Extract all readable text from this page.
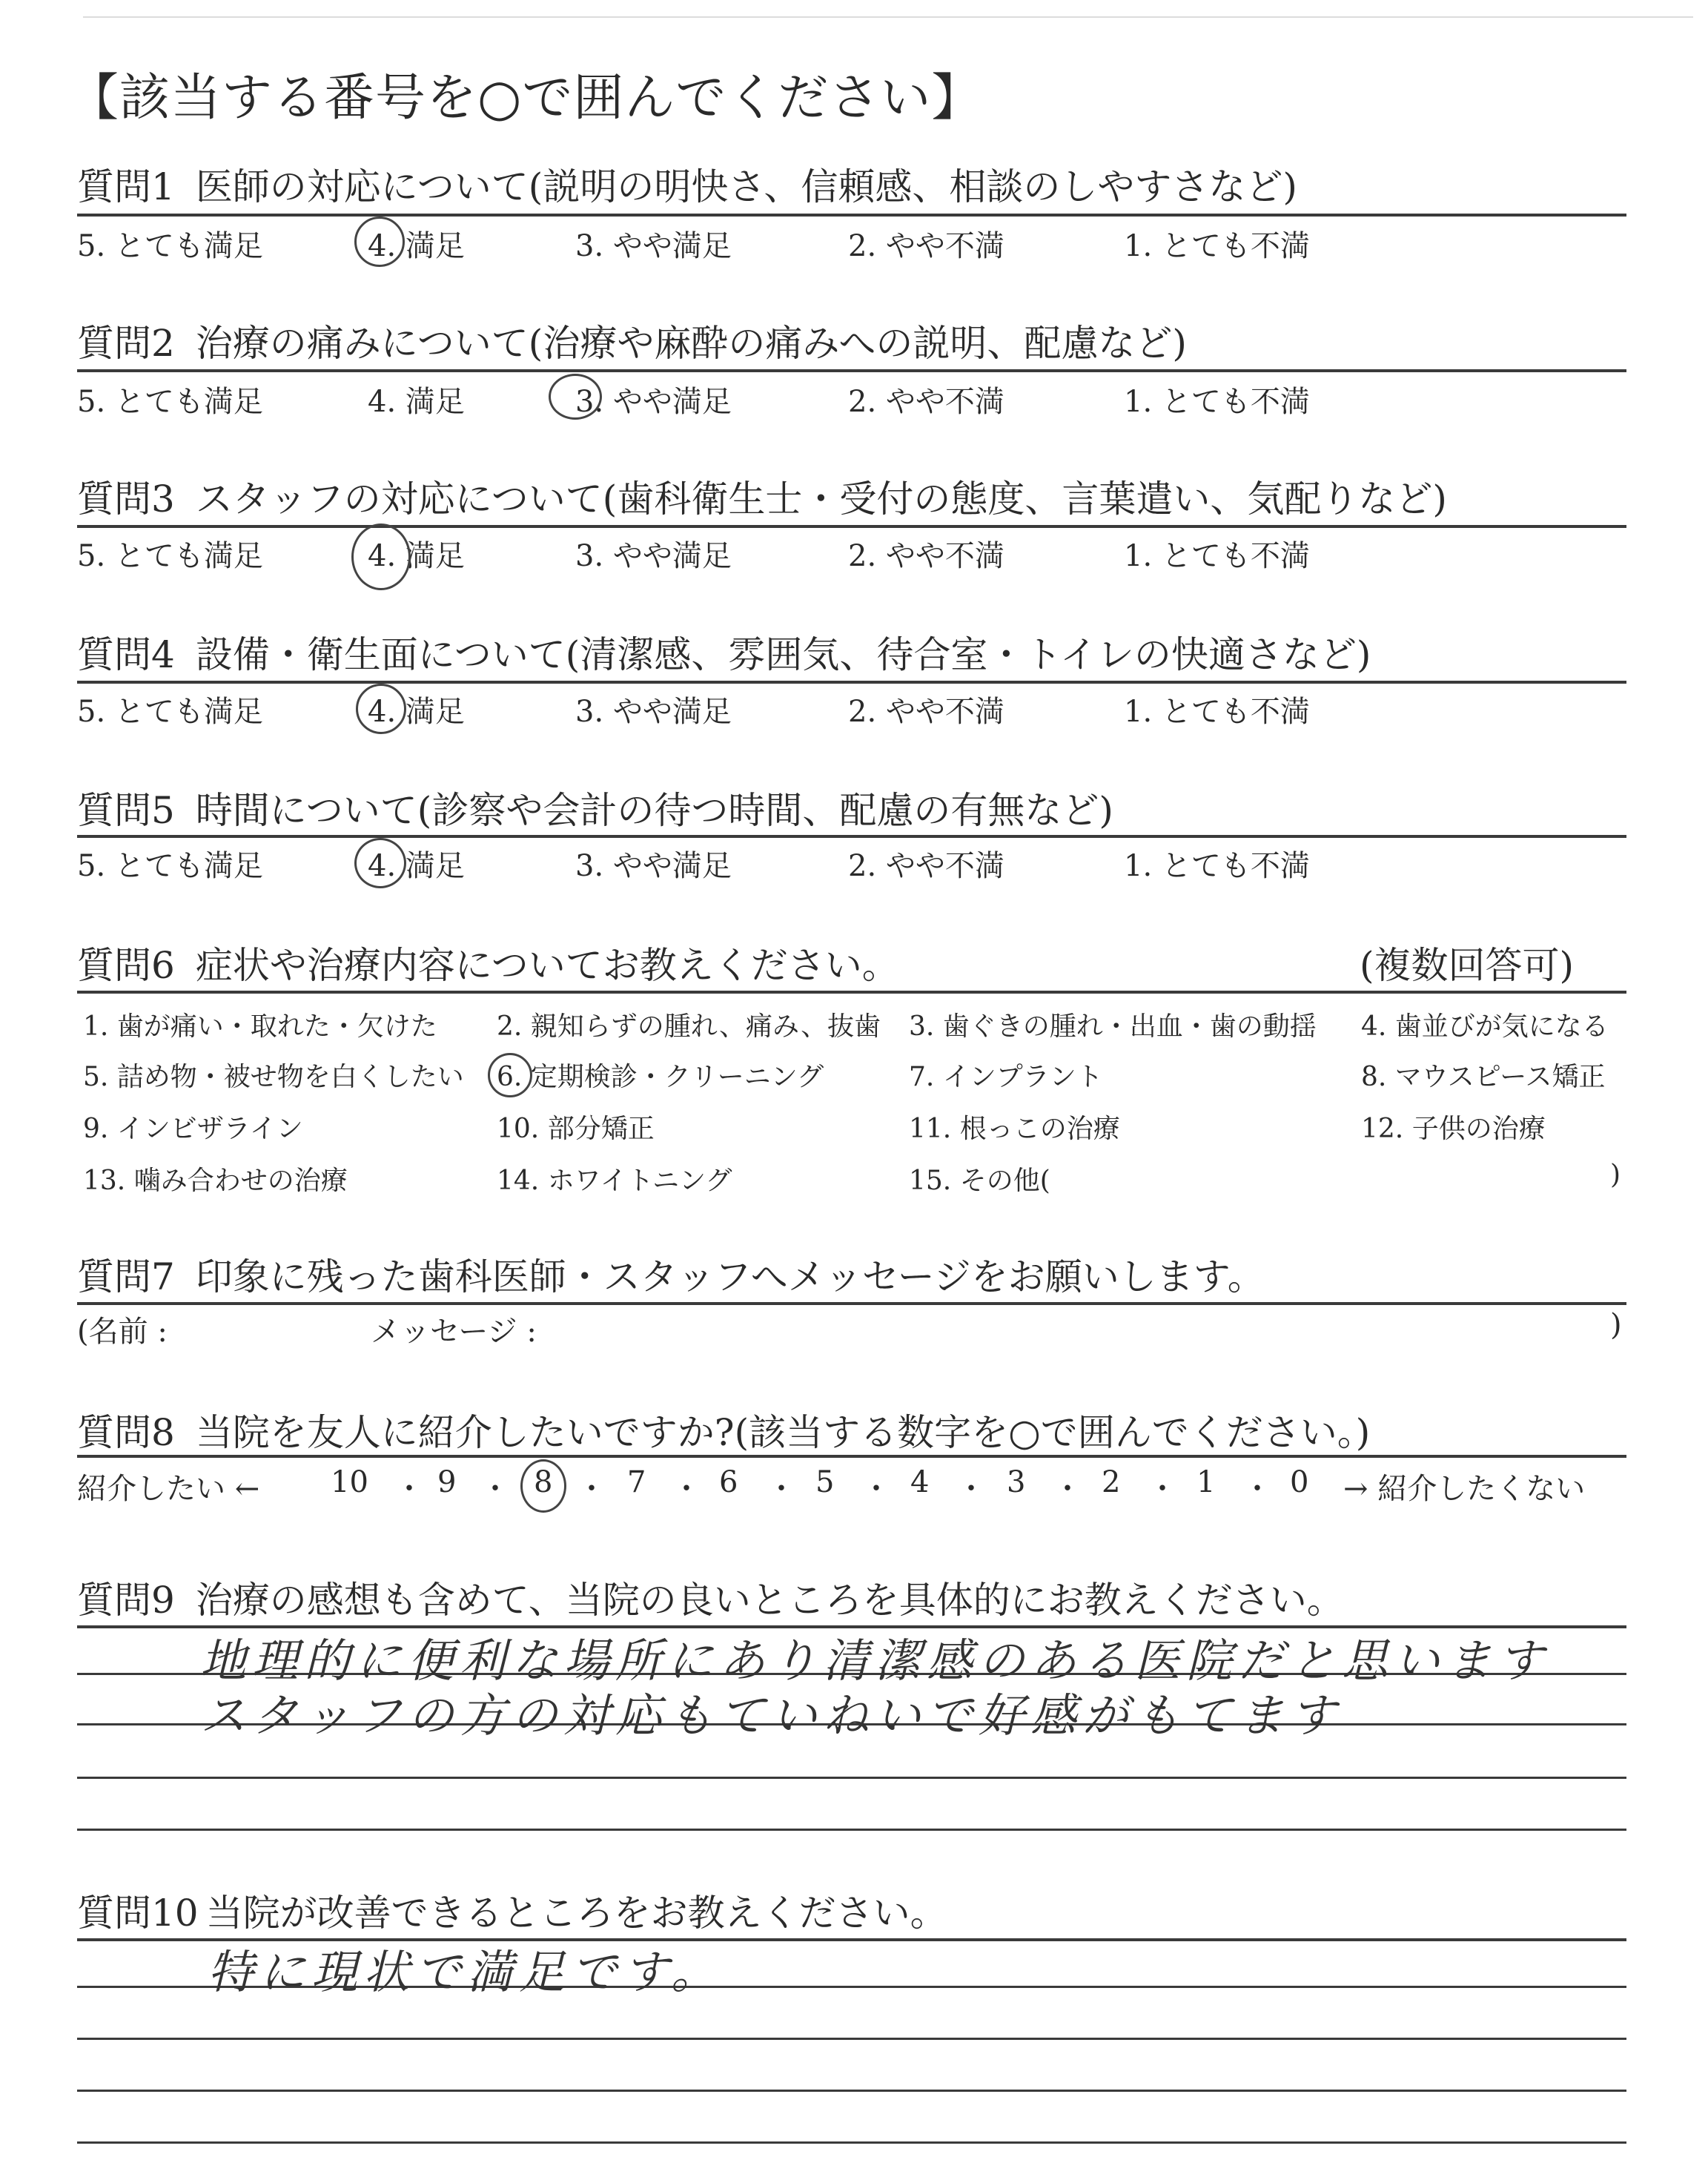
【該当する番号を○で囲んでください】
質問1 医師の対応について(説明の明快さ、信頼感、相談のしやすさなど)
5. とても満足	4. 満足	3. やや満足	2. やや不満	1. とても不満
質問2 治療の痛みについて(治療や麻酔の痛みへの説明、配慮など)
5. とても満足	4. 満足	3. やや満足	2. やや不満	1. とても不満
質問3 スタッフの対応について(歯科衛生士・受付の態度、言葉遣い、気配りなど)
5. とても満足	4. 満足	3. やや満足	2. やや不満	1. とても不満
質問4 設備・衛生面について(清潔感、雰囲気、待合室・トイレの快適さなど)
5. とても満足	4. 満足	3. やや満足	2. やや不満	1. とても不満
質問5 時間について(診察や会計の待つ時間、配慮の有無など)
5. とても満足	4. 満足	3. やや満足	2. やや不満	1. とても不満
質問6 症状や治療内容についてお教えください。	(複数回答可)
1. 歯が痛い・取れた・欠けた 2. 親知らずの腫れ、痛み、抜歯 3. 歯ぐきの腫れ・出血・歯の動揺 4. 歯並びが気になる
5. 詰め物・被せ物を白くしたい 6. 定期検診・クリーニング	7. インプラント	8. マウスピース矯正
9. インビザライン	10. 部分矯正	11. 根っこの治療	12. 子供の治療
13. 噛み合わせの治療	14. ホワイトニング	15. その他(	)
質問7 印象に残った歯科医師・スタッフへメッセージをお願いします。
(名前 :	メッセージ :	)
質問8 当院を友人に紹介したいですか?(該当する数字を○で囲んでください。)
紹介したい ← 10 ・ 9 ・ 8 ・ 7 ・ 6 ・ 5 ・ 4 ・ 3 ・ 2 ・ 1 ・ 0 → 紹介したくない
質問9 治療の感想も含めて、当院の良いところを具体的にお教えください。
地理的に便利な場所にあり清潔感のある医院だと思います
スタッフの方の対応もていねいで好感がもてます
質問10 当院が改善できるところをお教えください。
特に現状で満足です。
